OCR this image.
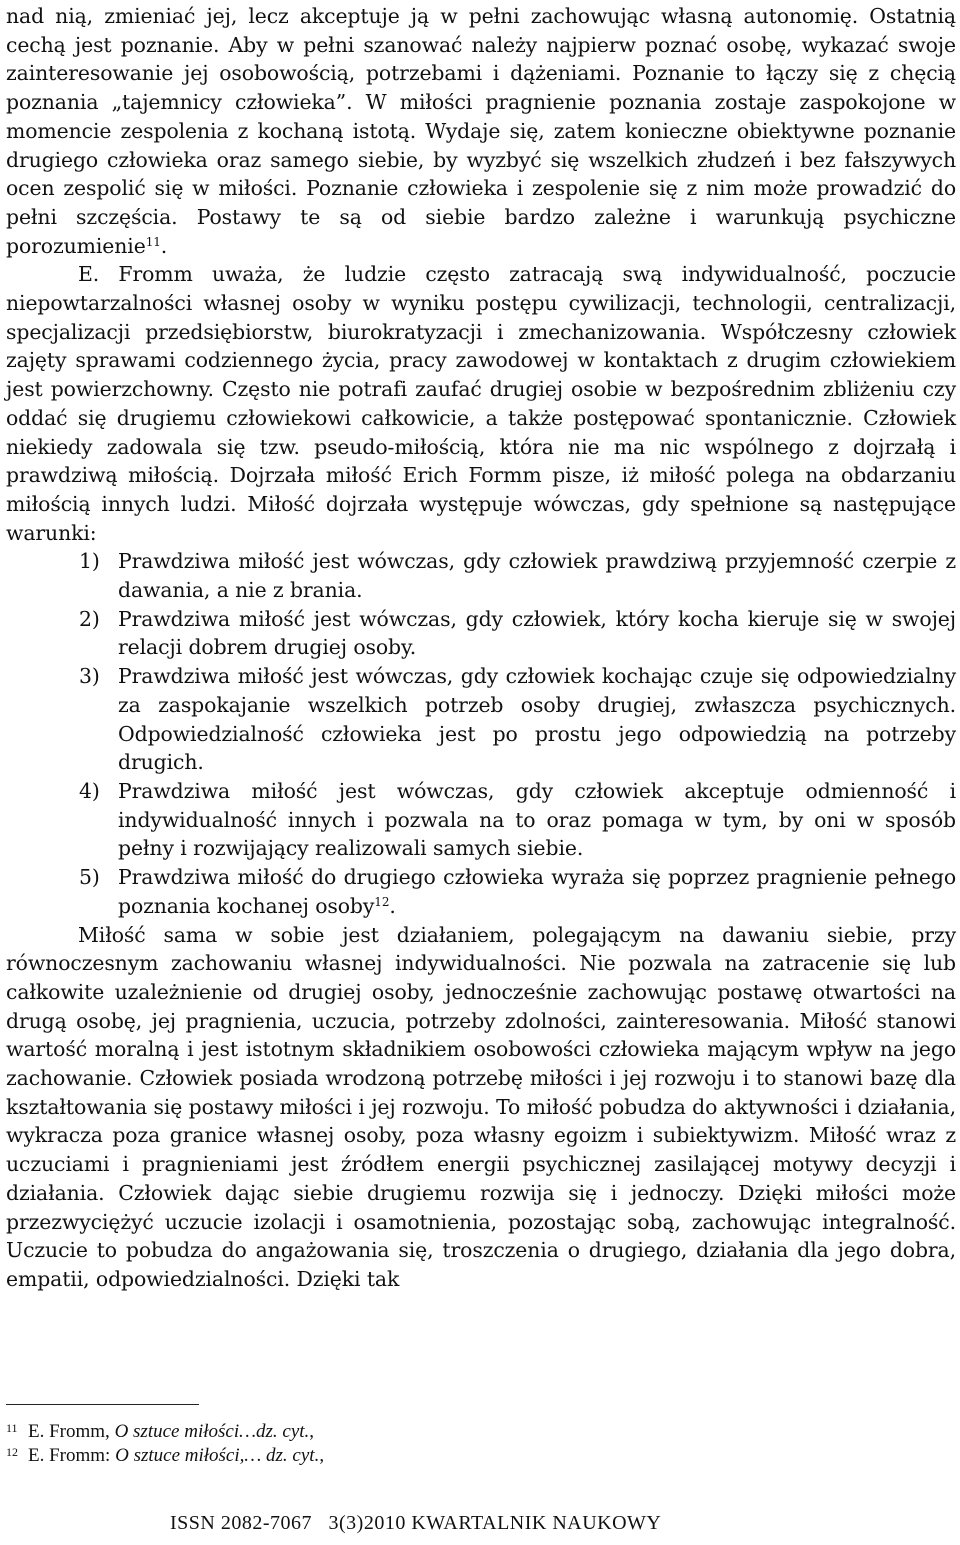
nad nią, zmieniać jej, lecz akceptuje ją w pełni zachowując własną autonomię. Ostatnią cechą jest poznanie. Aby w pełni szanować należy najpierw poznać osobę, wykazać swoje zainteresowanie jej osobowością, potrzebami i dążeniami. Poznanie to łączy się z chęcią poznania „tajemnicy człowieka”. W miłości pragnienie poznania zostaje zaspokojone w momencie zespolenia z kochaną istotą. Wydaje się, zatem konieczne obiektywne poznanie drugiego człowieka oraz samego siebie, by wyzbyć się wszelkich złudzeń i bez fałszywych ocen zespolić się w miłości. Poznanie człowieka i zespolenie się z nim może prowadzić do pełni szczęścia. Postawy te są od siebie bardzo zależne i warunkują psychiczne porozumienie$^{11}$.

E. Fromm uważa, że ludzie często zatracają swą indywidualność, poczucie niepowtarzalności własnej osoby w wyniku postępu cywilizacji, technologii, centralizacji, specjalizacji przedsiębiorstw, biurokratyzacji i zmechanizowania. Współczesny człowiek zajęty sprawami codziennego życia, pracy zawodowej w kontaktach z drugim człowiekiem jest powierzchowny. Często nie potrafi zaufać drugiej osobie w bezpośrednim zbliżeniu czy oddać się drugiemu człowiekowi całkowicie, a także postępować spontanicznie. Człowiek niekiedy zadowala się tzw. pseudo-miłością, która nie ma nic wspólnego z dojrzałą i prawdziwą miłością. Dojrzała miłość Erich Formm pisze, iż miłość polega na obdarzaniu miłością innych ludzi. Miłość dojrzała występuje wówczas, gdy spełnione są następujące warunki:

1) Prawdziwa miłość jest wówczas, gdy człowiek prawdziwą przyjemność czerpie z dawania, a nie z brania.
2) Prawdziwa miłość jest wówczas, gdy człowiek, który kocha kieruje się w swojej relacji dobrem drugiej osoby.
3) Prawdziwa miłość jest wówczas, gdy człowiek kochając czuje się odpowiedzialny za zaspokajanie wszelkich potrzeb osoby drugiej, zwłaszcza psychicznych. Odpowiedzialność człowieka jest po prostu jego odpowiedzią na potrzeby drugich.
4) Prawdziwa miłość jest wówczas, gdy człowiek akceptuje odmienność i indywidualność innych i pozwala na to oraz pomaga w tym, by oni w sposób pełny i rozwijający realizowali samych siebie.
5) Prawdziwa miłość do drugiego człowieka wyraża się poprzez pragnienie pełnego poznania kochanej osoby$^{12}$.

Miłość sama w sobie jest działaniem, polegającym na dawaniu siebie, przy równoczesnym zachowaniu własnej indywidualności. Nie pozwala na zatracenie się lub całkowite uzależnienie od drugiej osoby, jednocześnie zachowując postawę otwartości na drugą osobę, jej pragnienia, uczucia, potrzeby zdolności, zainteresowania. Miłość stanowi wartość moralną i jest istotnym składnikiem osobowości człowieka mającym wpływ na jego zachowanie. Człowiek posiada wrodzoną potrzebę miłości i jej rozwoju i to stanowi bazę dla kształtowania się postawy miłości i jej rozwoju. To miłość pobudza do aktywności i działania, wykracza poza granice własnej osoby, poza własny egoizm i subiektywizm. Miłość wraz z uczuciami i pragnieniami jest źródłem energii psychicznej zasilającej motywy decyzji i działania. Człowiek dając siebie drugiemu rozwija się i jednoczy. Dzięki miłości może przezwyciężyć uczucie izolacji i osamotnienia, pozostając sobą, zachowując integralność. Uczucie to pobudza do angażowania się, troszczenia o drugiego, działania dla jego dobra, empatii, odpowiedzialności. Dzięki tak

11 E. Fromm, O sztuce miłości…dz. cyt.,
12 E. Fromm: O sztuce miłości,… dz. cyt.,
ISSN 2082-7067   3(3)2010 KWARTALNIK NAUKOWY
